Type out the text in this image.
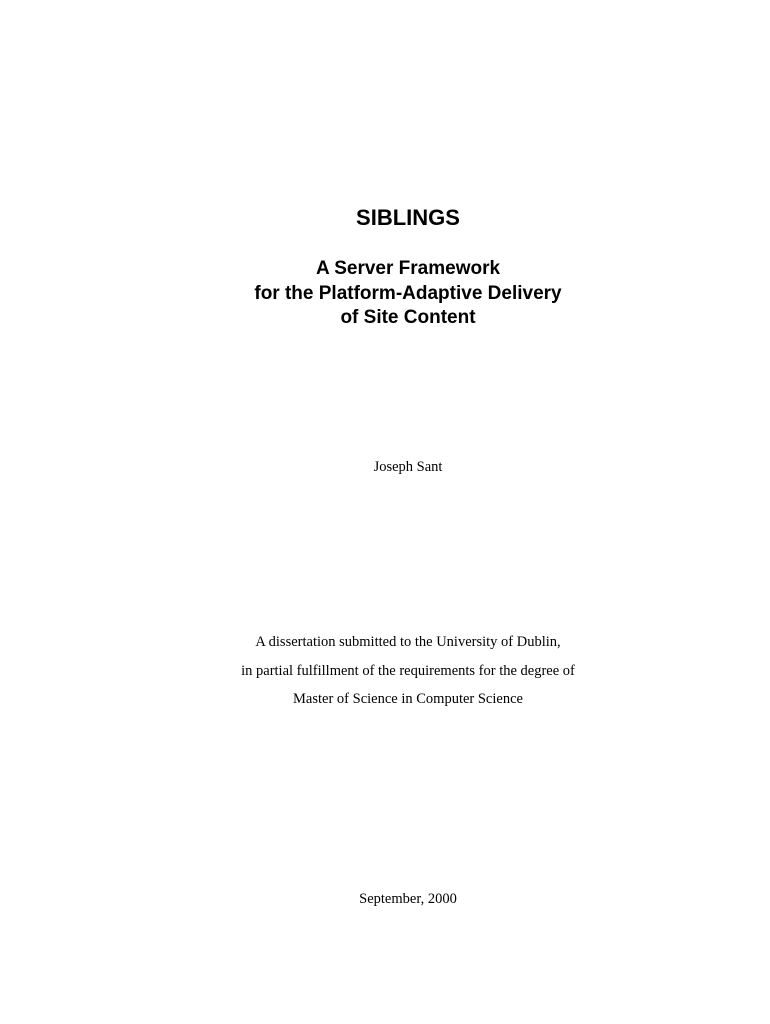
SIBLINGS
A Server Framework
for the Platform-Adaptive Delivery
of Site Content

Joseph Sant

A dissertation submitted to the University of Dublin,
in partial fulfillment of the requirements for the degree of
Master of Science in Computer Science

September, 2000
